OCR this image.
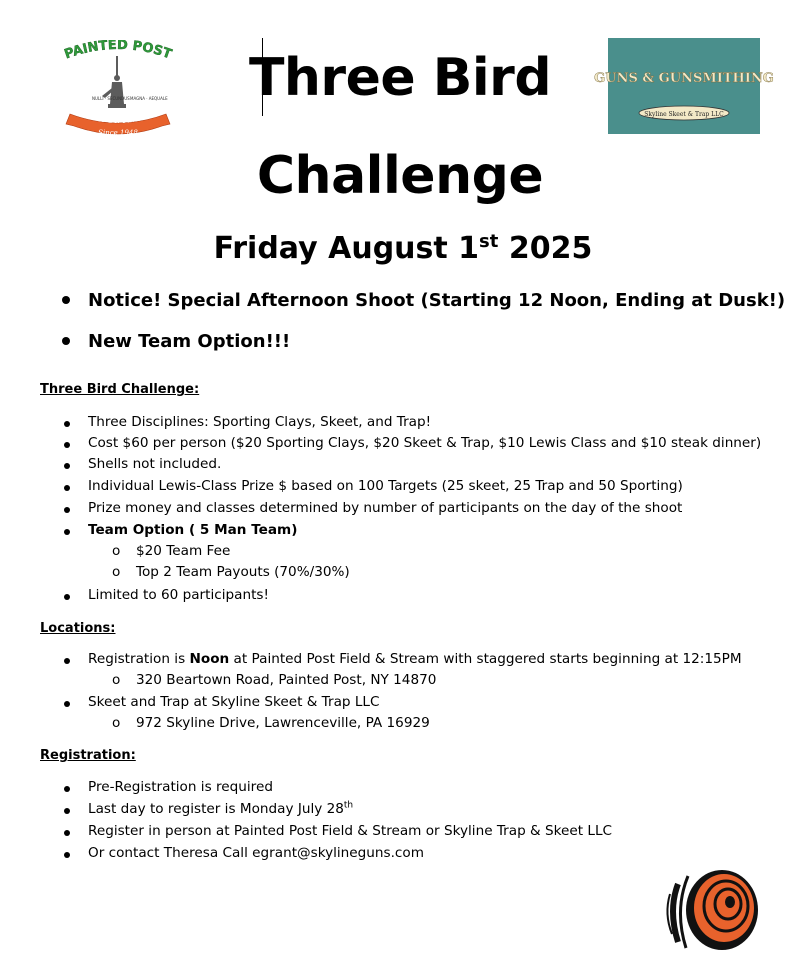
PAINTED POST
NULLI · SECUNDUS MAGNA · AEQUALE
eld & Stream Clu
Since 1948
GUNS & GUNSMITHING
Skyline Skeet & Trap LLC
Three Bird
Challenge
Friday August 1st 2025
Notice! Special Afternoon Shoot (Starting 12 Noon, Ending at Dusk!)
New Team Option!!!
Three Bird Challenge:
Three Disciplines: Sporting Clays, Skeet, and Trap!
Cost $60 per person ($20 Sporting Clays, $20 Skeet & Trap, $10 Lewis Class and $10 steak dinner)
Shells not included.
Individual Lewis-Class Prize $ based on 100 Targets (25 skeet, 25 Trap and 50 Sporting)
Prize money and classes determined by number of participants on the day of the shoot
Team Option ( 5 Man Team)
o $20 Team Fee
o Top 2 Team Payouts (70%/30%)
Limited to 60 participants!
Locations:
Registration is Noon at Painted Post Field & Stream with staggered starts beginning at 12:15PM
o 320 Beartown Road, Painted Post, NY 14870
Skeet and Trap at Skyline Skeet & Trap LLC
o 972 Skyline Drive, Lawrenceville, PA 16929
Registration:
Pre-Registration is required
Last day to register is Monday July 28th
Register in person at Painted Post Field & Stream or Skyline Trap & Skeet LLC
Or contact Theresa Call egrant@skylineguns.com
